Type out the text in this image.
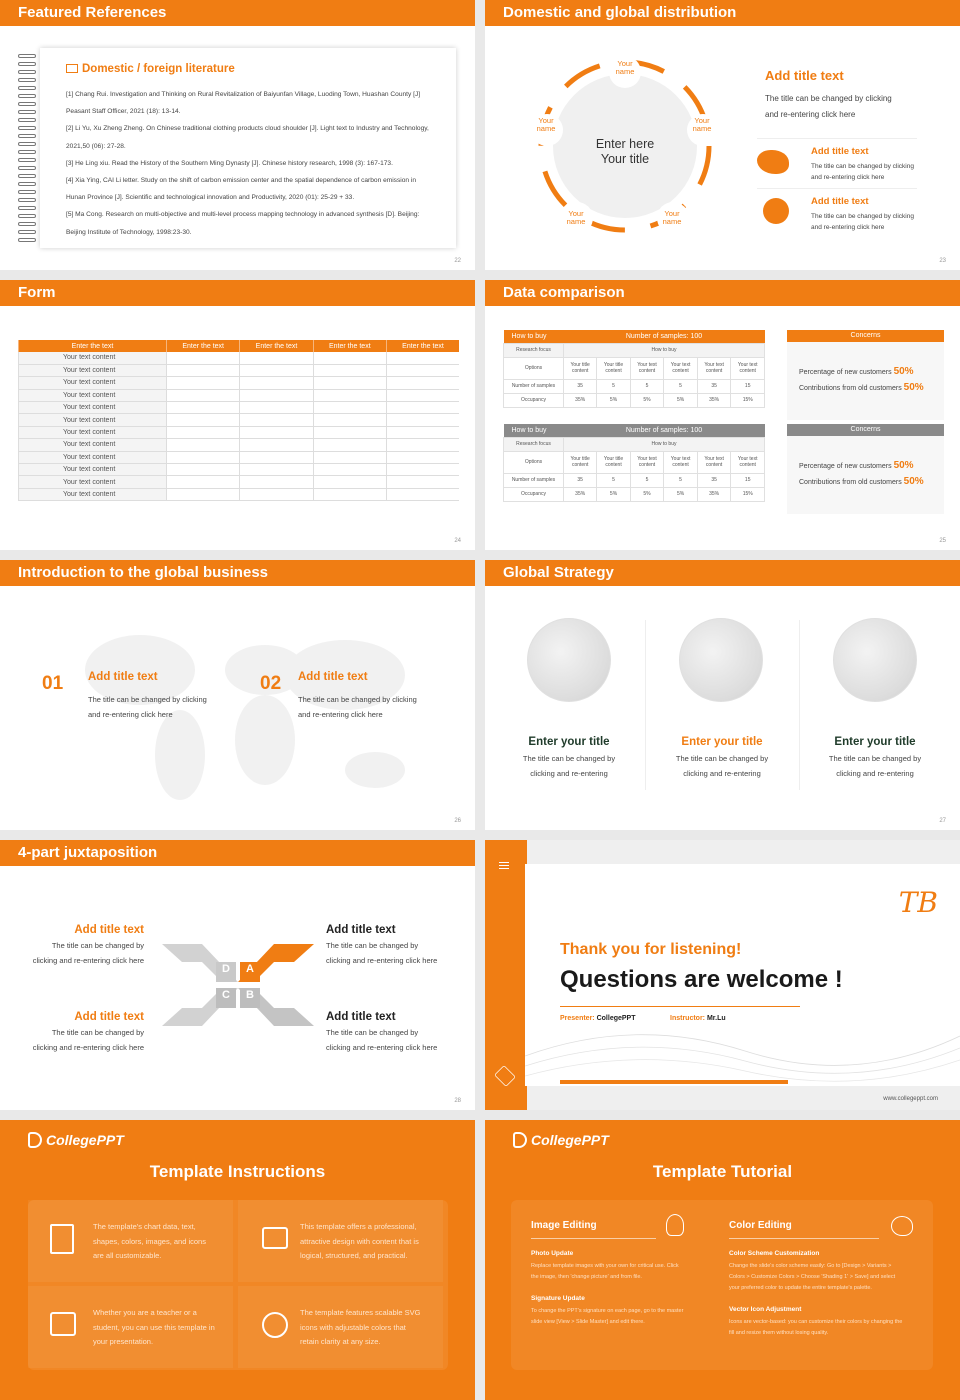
Featured References
Domestic / foreign literature
[1] Chang Rui. Investigation and Thinking on Rural Revitalization of Baiyunfan Village, Luoding Town, Huashan County [J]
Peasant Staff Officer, 2021 (18): 13-14.
[2] Li Yu, Xu Zheng Zheng. On Chinese traditional clothing products cloud shoulder [J]. Light text to Industry and Technology,
2021,50 (06): 27-28.
[3] He Ling xiu. Read the History of the Southern Ming Dynasty [J]. Chinese history research, 1998 (3): 167-173.
[4] Xia Ying, CAI Li letter. Study on the shift of carbon emission center and the spatial dependence of carbon emission in
Hunan Province [J]. Scientific and technological innovation and Productivity, 2020 (01): 25-29 + 33.
[5] Ma Cong. Research on multi-objective and multi-level process mapping technology in advanced synthesis [D]. Beijing:
Beijing Institute of Technology, 1998:23-30.
22
Domestic and global distribution
Enter here
Your title
Your
name
Your
name
Your
name
Your
name
Your
name
Add title text
The title can be changed by clicking
and re-entering click here
Add title text
The title can be changed by clicking
and re-entering click here
Add title text
The title can be changed by clicking
and re-entering click here
23
Form
Enter the text	Enter the text	Enter the text	Enter the text	Enter the text
Your text content				
Your text content				
Your text content				
Your text content				
Your text content				
Your text content				
Your text content				
Your text content				
Your text content				
Your text content				
Your text content				
Your text content				
24
Data comparison
How to buy	Number of samples: 100					
Research focus	How to buy					
Options	Your title content	Your title content	Your text content	Your text content	Your text content	Your text content
Number of samples	35	5	5	5	35	15
Occupancy	35%	5%	5%	5%	35%	15%
How to buy	Number of samples: 100					
Research focus	How to buy					
Options	Your title content	Your title content	Your text content	Your text content	Your text content	Your text content
Number of samples	35	5	5	5	35	15
Occupancy	35%	5%	5%	5%	35%	15%
Concerns
Percentage of new customers 50%
Contributions from old customers 50%
Concerns
Percentage of new customers 50%
Contributions from old customers 50%
25
Introduction to the global business
01 Add title text
The title can be changed by clicking
and re-entering click here
02 Add title text
The title can be changed by clicking
and re-entering click here
26
Global Strategy
Enter your title
The title can be changed by
clicking and re-entering
Enter your title
The title can be changed by
clicking and re-entering
Enter your title
The title can be changed by
clicking and re-entering
27
4-part juxtaposition
Add title text
The title can be changed by
clicking and re-entering click here
Add title text
The title can be changed by
clicking and re-entering click here
Add title text
The title can be changed by
clicking and re-entering click here
Add title text
The title can be changed by
clicking and re-entering click here
D	A
C	B
28
TB
Thank you for listening!
Questions are welcome !
Presenter: CollegePPT	Instructor: Mr.Lu
www.collegeppt.com
CollegePPT
Template Instructions
The template's chart data, text,
shapes, colors, images, and icons
are all customizable.
This template offers a professional,
attractive design with content that is
logical, structured, and practical.
Whether you are a teacher or a
student, you can use this template in
your presentation.
The template features scalable SVG
icons with adjustable colors that
retain clarity at any size.
CollegePPT
Template Tutorial
Image Editing
Photo Update
Replace template images with your own for critical use. Click
the image, then 'change picture' and from file.
Signature Update
To change the PPT's signature on each page, go to the master
slide view [View > Slide Master] and edit there.
Color Editing
Color Scheme Customization
Change the slide's color scheme easily: Go to [Design > Variants >
Colors > Customize Colors > Choose 'Shading 1' > Save] and select
your preferred color to update the entire template's palette.
Vector Icon Adjustment
Icons are vector-based: you can customize their colors by changing the
fill and resize them without losing quality.
